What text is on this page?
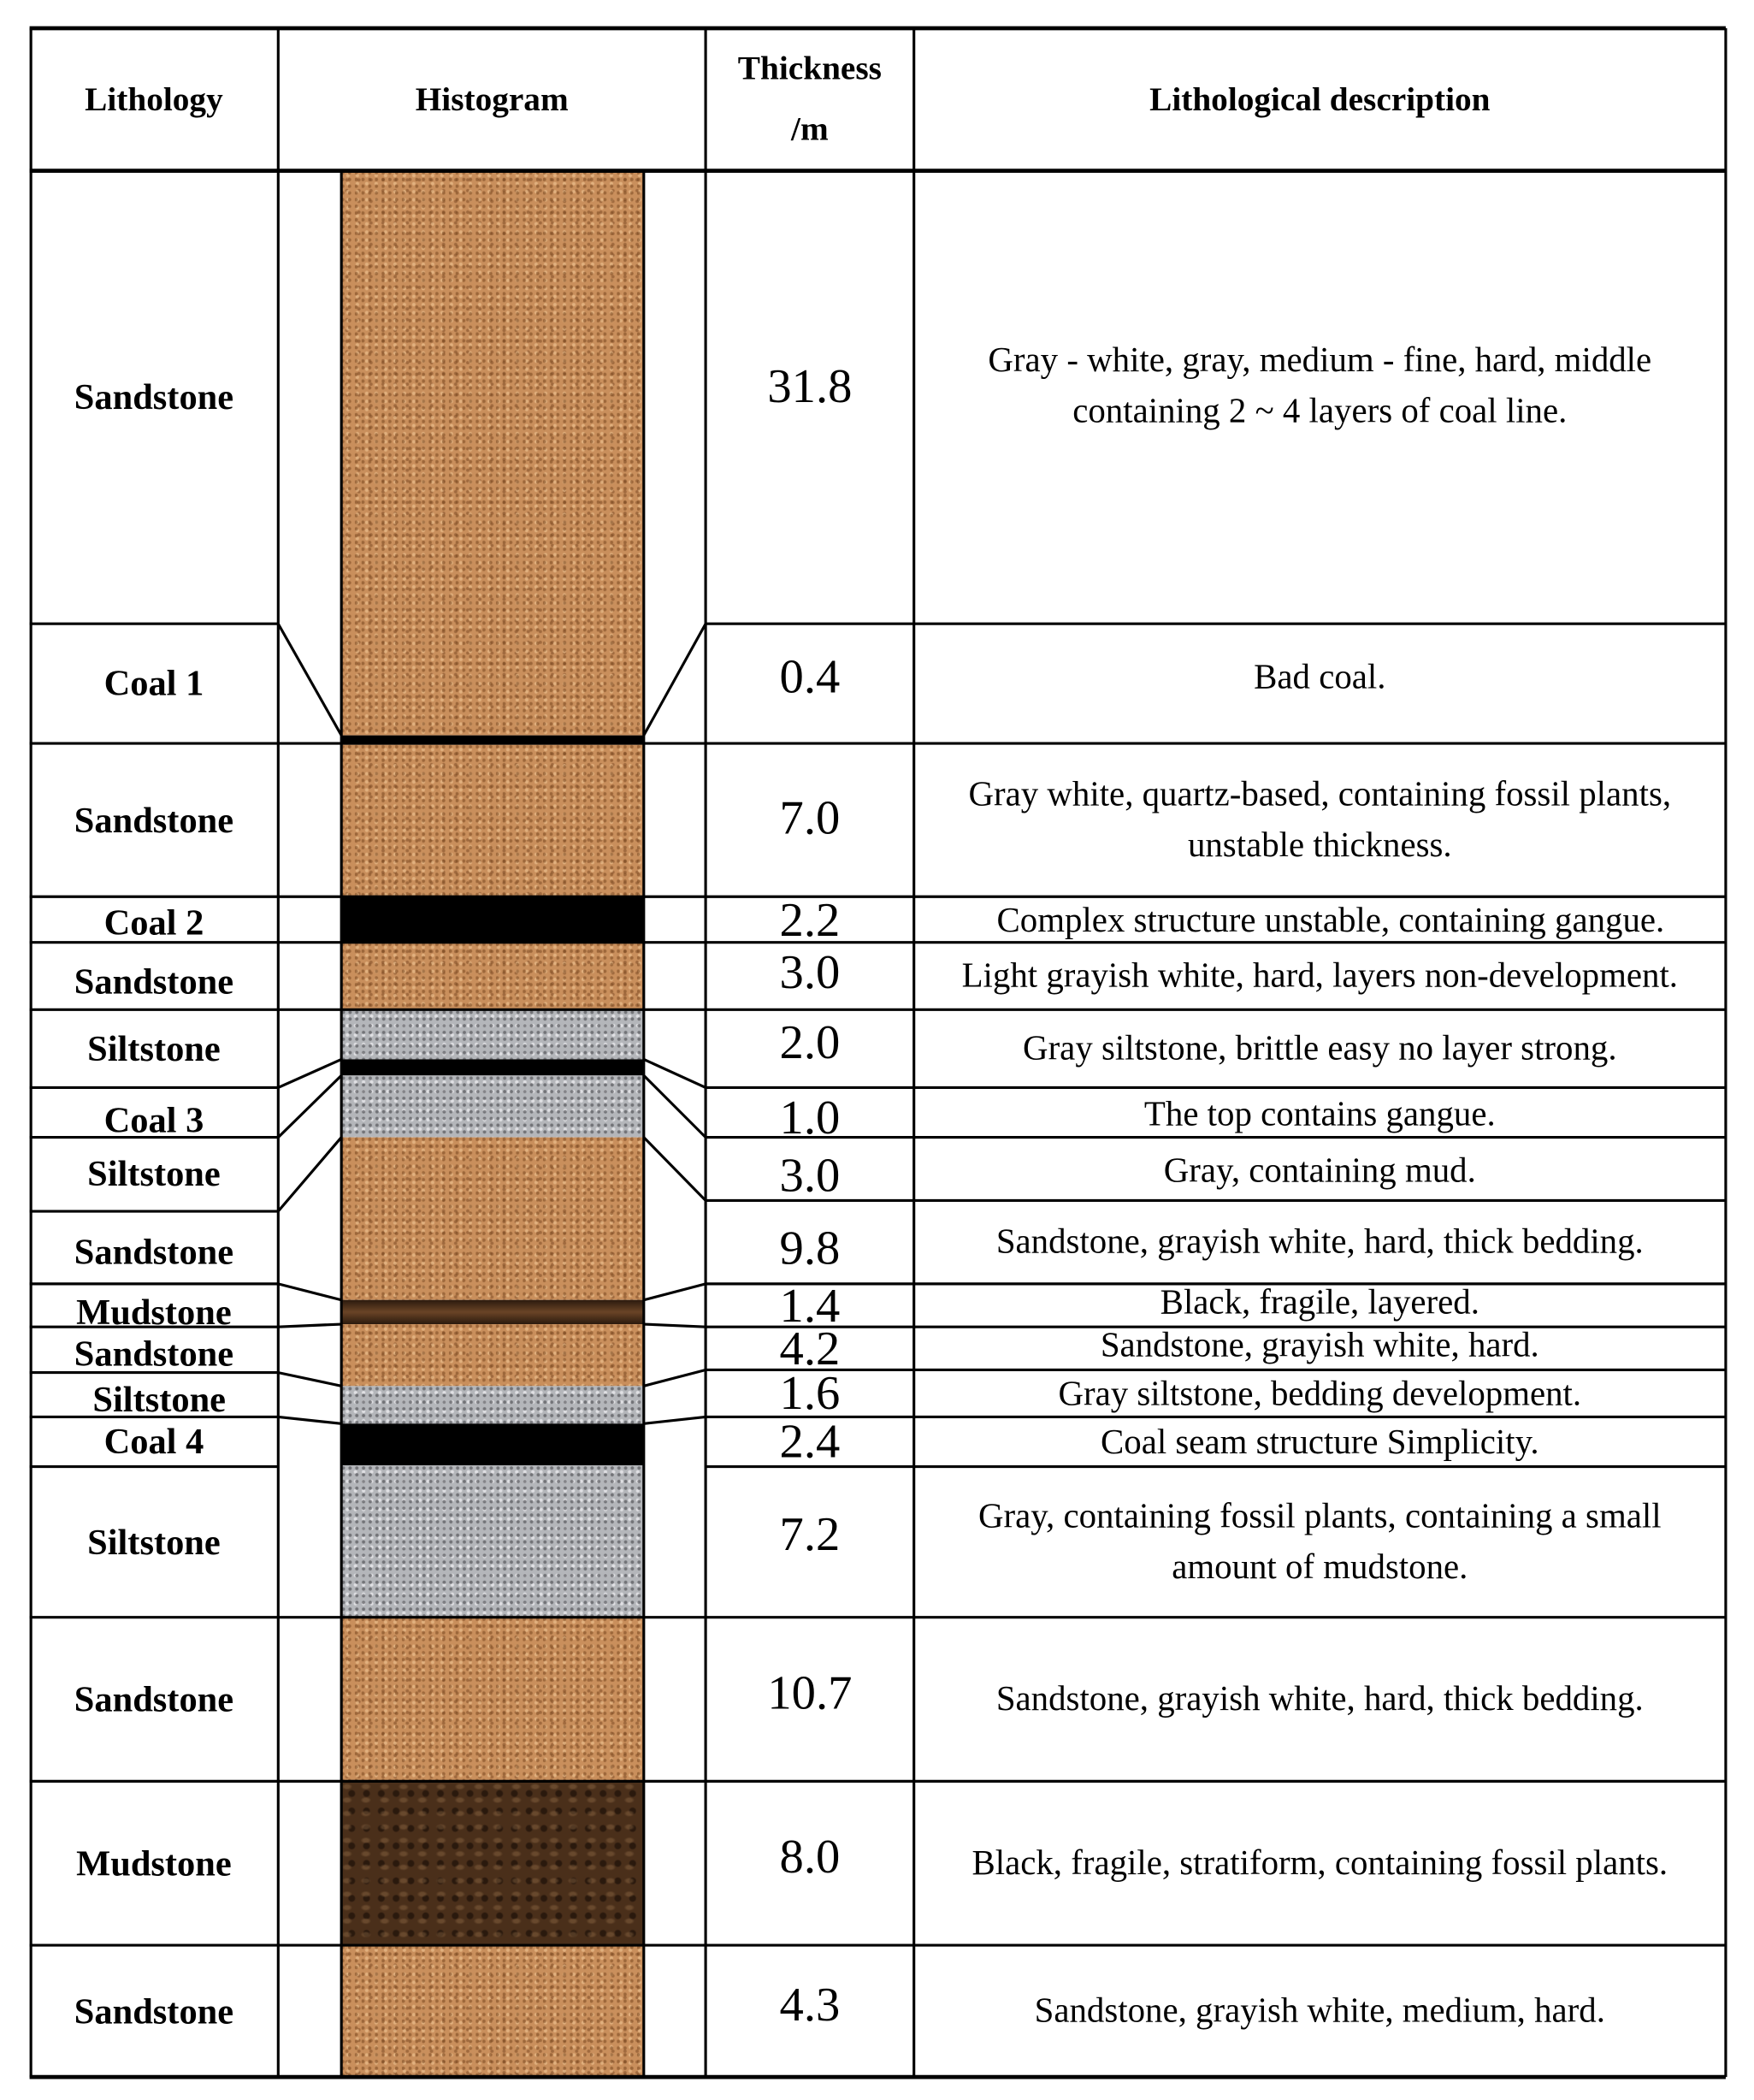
Lithology	Histogram
Thickness
/m
Lithological description
Sandstone
Coal 1
Sandstone
Coal 2
Sandstone
Siltstone
Coal 3
Siltstone
Sandstone
Mudstone
Sandstone
Siltstone
Coal 4
Siltstone
Sandstone
Mudstone
Sandstone
31.8
0.4
7.0
2.2
3.0
2.0
1.0
3.0
9.8
1.4
4.2
1.6
2.4
7.2
10.7
8.0
4.3
Gray - white, gray, medium - fine, hard, middle containing 2 ~ 4 layers of coal line.
Bad coal.
Gray white, quartz-based, containing fossil plants, unstable thickness.
Complex structure unstable, containing gangue.
Light grayish white, hard, layers non-development.
Gray siltstone, brittle easy no layer strong.
The top contains gangue.
Gray, containing mud.
Sandstone, grayish white, hard, thick bedding.
Black, fragile, layered.
Sandstone, grayish white, hard.
Gray siltstone, bedding development.
Coal seam structure Simplicity.
Gray, containing fossil plants, containing a small amount of mudstone.
Sandstone, grayish white, hard, thick bedding.
Black, fragile, stratiform, containing fossil plants.
Sandstone, grayish white, medium, hard.
